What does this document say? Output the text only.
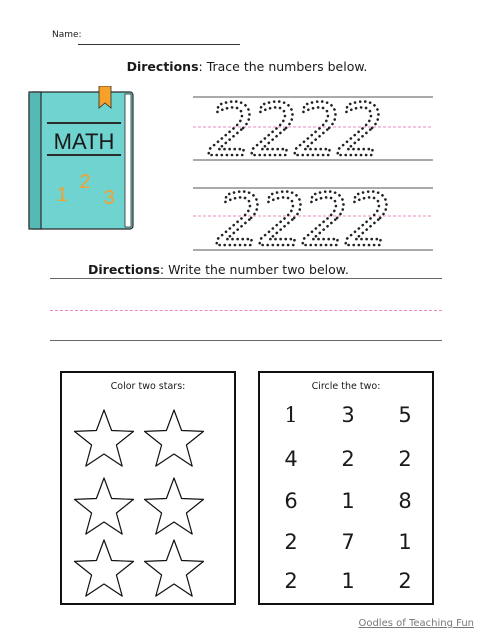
Name:
Directions: Trace the numbers below.
MATH
1
2
3
2
2
2
2
2
2
2
2
Directions: Write the number two below.
Color two stars:	Circle the two:
1	3	5
4	2	2
6	1	8
2	7	1
2	1	2
Oodles of Teaching Fun
